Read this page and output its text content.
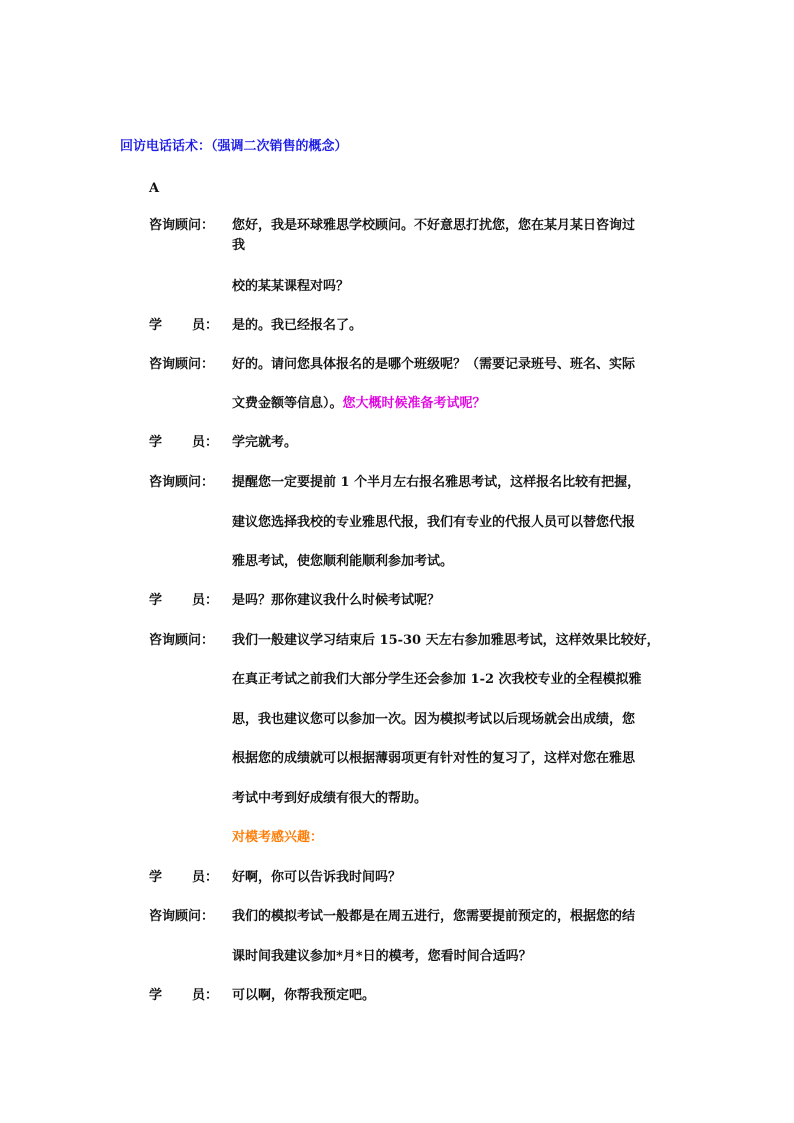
回访电话话术：（强调二次销售的概念）
A
咨询顾问： 您好，我是环球雅思学校顾问。不好意思打扰您，您在某月某日咨询过
我
校的某某课程对吗？
学 员： 是的。我已经报名了。
咨询顾问： 好的。请问您具体报名的是哪个班级呢？（需要记录班号、班名、实际
文费金额等信息）。您大概时候准备考试呢？
学 员： 学完就考。
咨询顾问： 提醒您一定要提前 1 个半月左右报名雅思考试，这样报名比较有把握，
建议您选择我校的专业雅思代报，我们有专业的代报人员可以替您代报
雅思考试，使您顺利能顺利参加考试。
学 员： 是吗？那你建议我什么时候考试呢？
咨询顾问： 我们一般建议学习结束后 15-30 天左右参加雅思考试，这样效果比较好，
在真正考试之前我们大部分学生还会参加 1-2 次我校专业的全程模拟雅
思，我也建议您可以参加一次。因为模拟考试以后现场就会出成绩，您
根据您的成绩就可以根据薄弱项更有针对性的复习了，这样对您在雅思
考试中考到好成绩有很大的帮助。
对模考感兴趣：
学 员： 好啊，你可以告诉我时间吗？
咨询顾问： 我们的模拟考试一般都是在周五进行，您需要提前预定的，根据您的结
课时间我建议参加*月*日的模考，您看时间合适吗？
学 员： 可以啊，你帮我预定吧。
